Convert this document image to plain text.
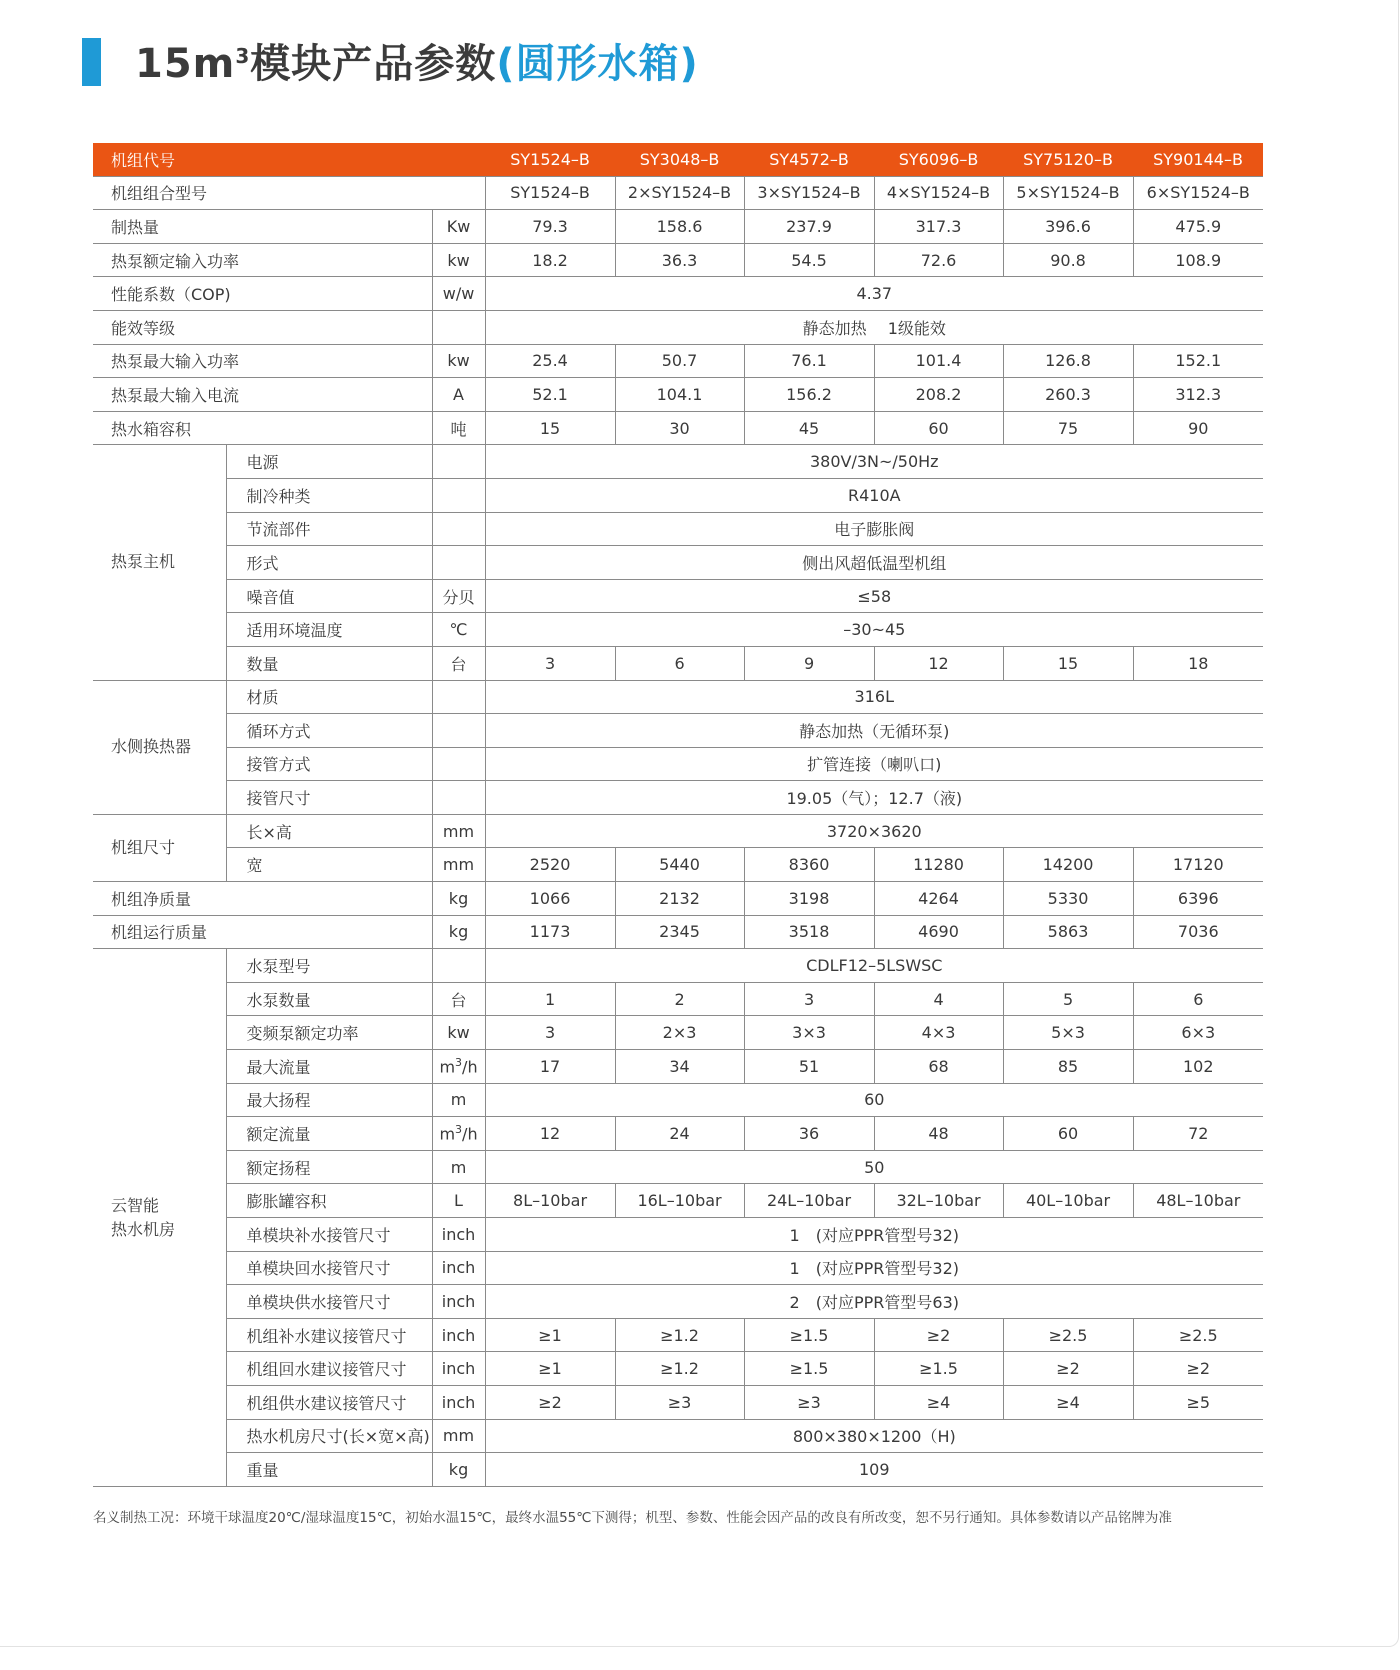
$15m^3$模块产品参数(圆形水箱)
机组代号			SY1524–B	SY3048–B	SY4572–B	SY6096–B	SY75120–B	SY90144–B
机组组合型号			SY1524–B	2×SY1524–B	3×SY1524–B	4×SY1524–B	5×SY1524–B	6×SY1524–B
制热量		Kw	79.3	158.6	237.9	317.3	396.6	475.9
热泵额定输入功率		kw	18.2	36.3	54.5	72.6	90.8	108.9
性能系数（COP)		w/w	4.37					
能效等级			静态加热　 1级能效					
热泵最大输入功率		kw	25.4	50.7	76.1	101.4	126.8	152.1
热泵最大输入电流		A	52.1	104.1	156.2	208.2	260.3	312.3
热水箱容积		吨	15	30	45	60	75	90
热泵主机	电源		380V/3N~/50Hz					
	制冷种类		R410A					
	节流部件		电子膨胀阀					
	形式		侧出风超低温型机组					
	噪音值	分贝	≤58					
	适用环境温度	℃	–30~45					
	数量	台	3	6	9	12	15	18
水侧换热器	材质		316L					
	循环方式		静态加热（无循环泵)					
	接管方式		扩管连接（喇叭口)					
	接管尺寸		19.05（气）；12.7（液)					
机组尺寸	长×高	mm	3720×3620					
	宽	mm	2520	5440	8360	11280	14200	17120
机组净质量		kg	1066	2132	3198	4264	5330	6396
机组运行质量		kg	1173	2345	3518	4690	5863	7036
云智能
热水机房	水泵型号		CDLF12–5LSWSC					
	水泵数量	台	1	2	3	4	5	6
	变频泵额定功率	kw	3	2×3	3×3	4×3	5×3	6×3
	最大流量	$m^3/h$	17	34	51	68	85	102
	最大扬程	m	60					
	额定流量	$m^3/h$	12	24	36	48	60	72
	额定扬程	m	50					
	膨胀罐容积	L	8L–10bar	16L–10bar	24L–10bar	32L–10bar	40L–10bar	48L–10bar
	单模块补水接管尺寸	inch	1　(对应PPR管型号32)					
	单模块回水接管尺寸	inch	1　(对应PPR管型号32)					
	单模块供水接管尺寸	inch	2　(对应PPR管型号63)					
	机组补水建议接管尺寸	inch	≥1	≥1.2	≥1.5	≥2	≥2.5	≥2.5
	机组回水建议接管尺寸	inch	≥1	≥1.2	≥1.5	≥1.5	≥2	≥2
	机组供水建议接管尺寸	inch	≥2	≥3	≥3	≥4	≥4	≥5
	热水机房尺寸(长×宽×高)	mm	800×380×1200（H)					
	重量	kg	109					
名义制热工况：环境干球温度20℃/湿球温度15℃，初始水温15℃，最终水温55℃下测得；机型、参数、性能会因产品的改良有所改变，恕不另行通知。具体参数请以产品铭牌为准
